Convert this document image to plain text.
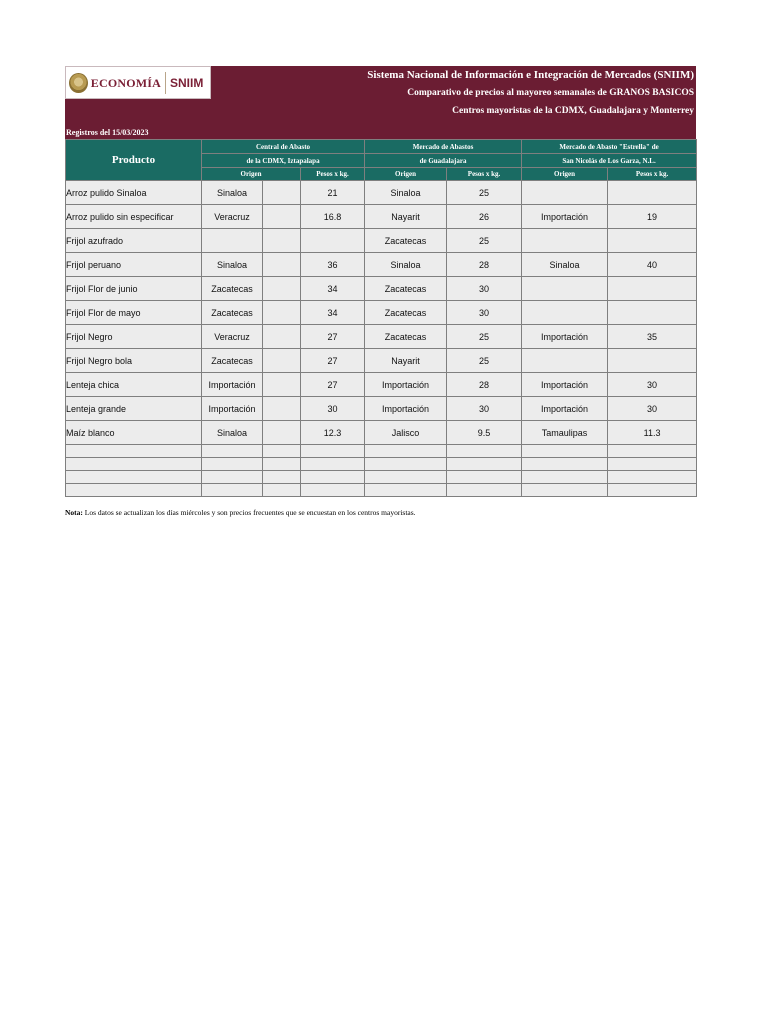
ECONOMÍA SNIIM
Sistema Nacional de Información e Integración de Mercados (SNIIM)
Comparativo de precios al mayoreo semanales de GRANOS BASICOS
Centros mayoristas de la CDMX, Guadalajara y Monterrey
Registros del 15/03/2023
Producto	Central de Abasto			Mercado de Abastos		Mercado de Abasto "Estrella" de	
	de la CDMX, Iztapalapa			de Guadalajara		San Nicolás de Los Garza, N.L.	
	Origen		Pesos x kg.	Origen	Pesos x kg.	Origen	Pesos x kg.
Arroz pulido Sinaloa	Sinaloa		21	Sinaloa	25		
Arroz pulido sin especificar	Veracruz		16.8	Nayarit	26	Importación	19
Frijol azufrado				Zacatecas	25		
Frijol peruano	Sinaloa		36	Sinaloa	28	Sinaloa	40
Frijol Flor de junio	Zacatecas		34	Zacatecas	30		
Frijol Flor de mayo	Zacatecas		34	Zacatecas	30		
Frijol Negro	Veracruz		27	Zacatecas	25	Importación	35
Frijol Negro bola	Zacatecas		27	Nayarit	25		
Lenteja chica	Importación		27	Importación	28	Importación	30
Lenteja grande	Importación		30	Importación	30	Importación	30
Maíz blanco	Sinaloa		12.3	Jalisco	9.5	Tamaulipas	11.3

Nota: Los datos se actualizan los días miércoles y son precios frecuentes que se encuestan en los centros mayoristas.
